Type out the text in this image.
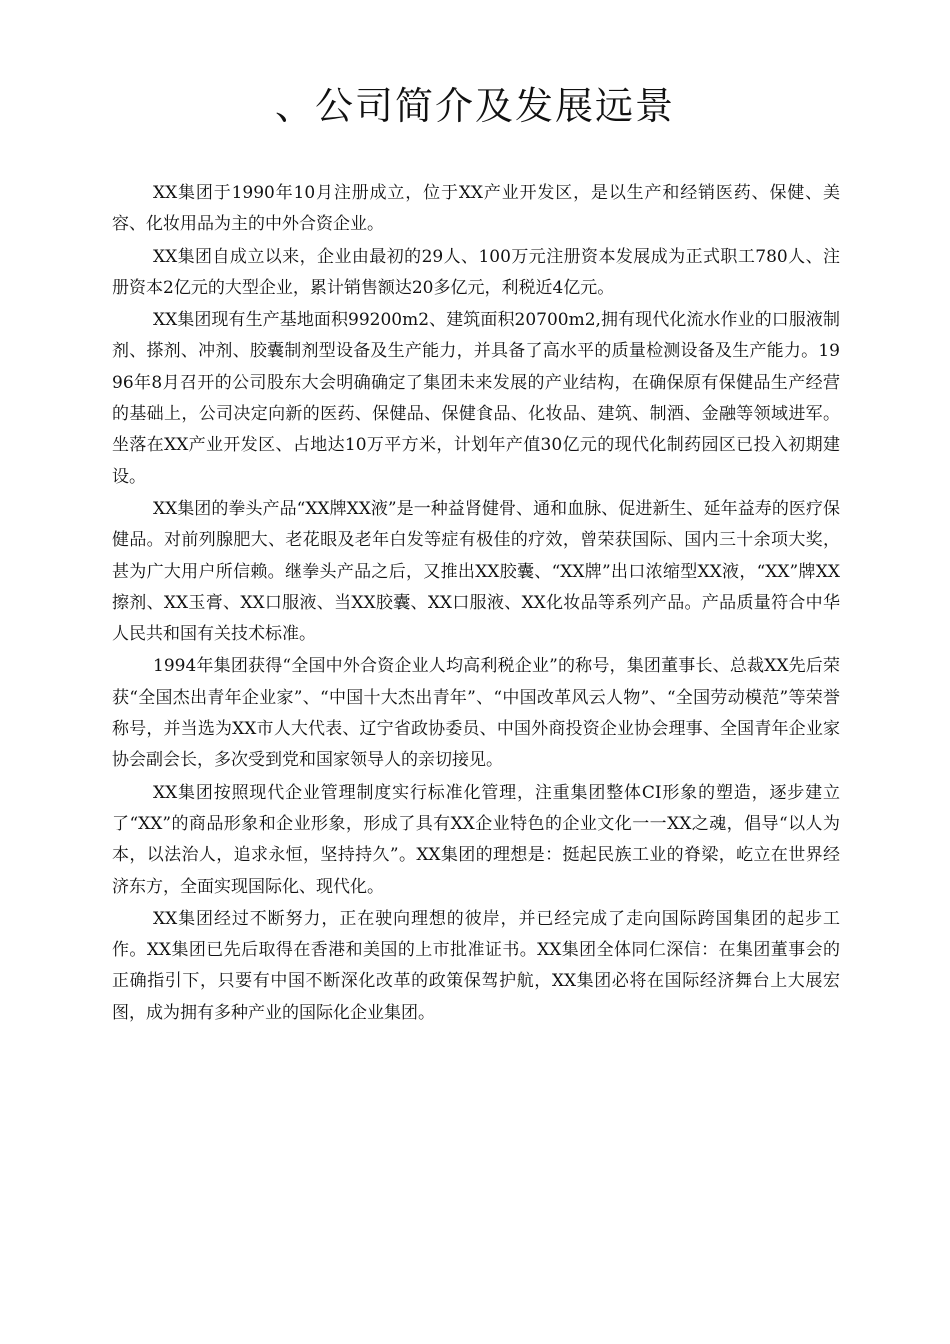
、公司简介及发展远景

XX集团于1990年10月注册成立，位于XX产业开发区，是以生产和经销医药、保健、美容、化妆用品为主的中外合资企业。

XX集团自成立以来，企业由最初的29人、100万元注册资本发展成为正式职工780人、注册资本2亿元的大型企业，累计销售额达20多亿元，利税近4亿元。

XX集团现有生产基地面积99200m2、建筑面积20700m2,拥有现代化流水作业的口服液制剂、搽剂、冲剂、胶囊制剂型设备及生产能力，并具备了高水平的质量检测设备及生产能力。1996年8月召开的公司股东大会明确确定了集团未来发展的产业结构，在确保原有保健品生产经营的基础上，公司决定向新的医药、保健品、保健食品、化妆品、建筑、制酒、金融等领域进军。坐落在XX产业开发区、占地达10万平方米，计划年产值30亿元的现代化制药园区已投入初期建设。

XX集团的拳头产品“XX牌XX液”是一种益肾健骨、通和血脉、促进新生、延年益寿的医疗保健品。对前列腺肥大、老花眼及老年白发等症有极佳的疗效，曾荣获国际、国内三十余项大奖，甚为广大用户所信赖。继拳头产品之后，又推出XX胶囊、“XX牌”出口浓缩型XX液，“XX”牌XX擦剂、XX玉膏、XX口服液、当XX胶囊、XX口服液、XX化妆品等系列产品。产品质量符合中华人民共和国有关技术标准。

1994年集团获得“全国中外合资企业人均高利税企业”的称号，集团董事长、总裁XX先后荣获“全国杰出青年企业家”、“中国十大杰出青年”、“中国改革风云人物”、“全国劳动模范”等荣誉称号，并当选为XX市人大代表、辽宁省政协委员、中国外商投资企业协会理事、全国青年企业家协会副会长，多次受到党和国家领导人的亲切接见。

XX集团按照现代企业管理制度实行标准化管理，注重集团整体CI形象的塑造，逐步建立了“XX”的商品形象和企业形象，形成了具有XX企业特色的企业文化一一XX之魂，倡导“以人为本，以法治人，追求永恒，坚持持久”。XX集团的理想是：挺起民族工业的脊梁，屹立在世界经济东方，全面实现国际化、现代化。

XX集团经过不断努力，正在驶向理想的彼岸，并已经完成了走向国际跨国集团的起步工作。XX集团已先后取得在香港和美国的上市批准证书。XX集团全体同仁深信：在集团董事会的正确指引下，只要有中国不断深化改革的政策保驾护航，XX集团必将在国际经济舞台上大展宏图，成为拥有多种产业的国际化企业集团。
